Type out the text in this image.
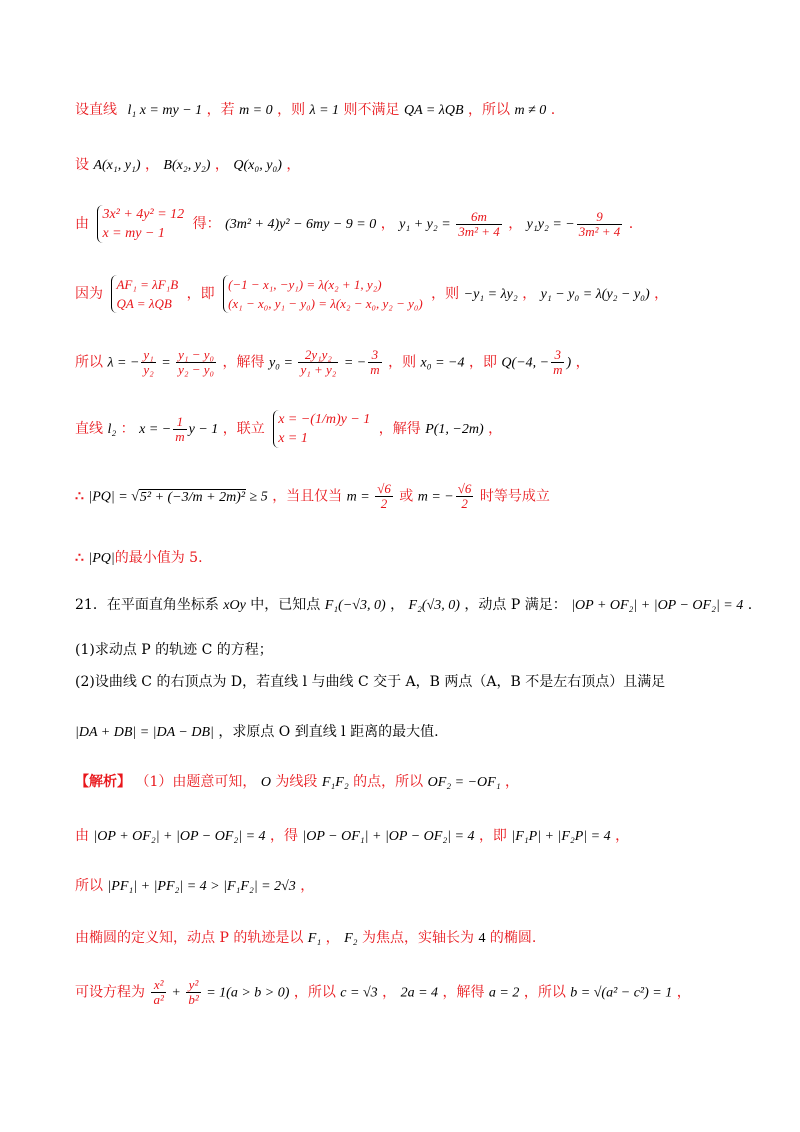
设直线 l₁ x = my − 1 ，若 m = 0 ，则 λ = 1 则不满足 QA = λQB ，所以 m ≠ 0 .
设 A(x₁, y₁) ， B(x₂, y₂) ， Q(x₀, y₀) ，
由
3x² + 4y² = 12
x = my − 1
得： (3m² + 4)y² − 6my − 9 = 0 ， $y_1 + y_2 = \frac{6m}{\text{3m² + 4}}$ ， y₁y₂ = − $\frac{9}{\text{3m² + 4}}$ .
因为
AF₁ = λF₁B
QA = λQB
，即
(−1 − x₁, −y₁) = λ(x₂ + 1, y₂)
(x₁ − x₀, y₁ − y₀) = λ(x₂ − x₀, y₂ − y₀)
，则 −y₁ = λy₂ ， y₁ − y₀ = λ(y₂ − y₀) ，
所以 λ = − $\frac{\text{y₁}}{\text{y₂}} = \frac{\text{y₁ − y₀}}{\text{y₂ − y₀}}$ ，解得 $y_0 = \frac{\text{2y₁y₂}}{\text{y₁ + y₂}}$ = − $\frac{3}{m}$ ，则 x₀ = −4 ，即 Q(−4, − $\frac{3}{m}$ ) ，
直线 l₂ ： x = − $\frac{1}{m}$ y − 1 ，联立
x = −(1/m)y − 1
x = 1
，解得 P(1, −2m) ，
∴ |PQ| = √5² + (−3/m + 2m)² ≥ 5 ，当且仅当 $m = \frac{√6}{2}$ 或 m = − $\frac{√6}{2}$ 时等号成立
∴ |PQ|的最小值为 5.
21．在平面直角坐标系 xOy 中，已知点 F₁(−√3, 0) ， F₂(√3, 0) ，动点 P 满足： |OP + OF₂| + |OP − OF₂| = 4 .
(1)求动点 P 的轨迹 C 的方程；
(2)设曲线 C 的右顶点为 D，若直线 l 与曲线 C 交于 A，B 两点（A，B 不是左右顶点）且满足
|DA + DB| = |DA − DB| ，求原点 O 到直线 l 距离的最大值.
【解析】 （1）由题意可知， O 为线段 F₁F₂ 的点，所以 OF₂ = −OF₁ ，
由 |OP + OF₂| + |OP − OF₂| = 4 ，得 |OP − OF₁| + |OP − OF₂| = 4 ，即 |F₁P| + |F₂P| = 4 ，
所以 |PF₁| + |PF₂| = 4 > |F₁F₂| = 2√3 ，
由椭圆的定义知，动点 P 的轨迹是以 F₁ ， F₂ 为焦点，实轴长为 4 的椭圆.
可设方程为 $\frac{\text{x²}}{\text{a²}} + \frac{\text{y²}}{\text{b²}} = 1(a > b > 0)$ ，所以 c = √3 ， 2a = 4 ，解得 a = 2 ，所以 b = √(a² − c²) = 1 ，
